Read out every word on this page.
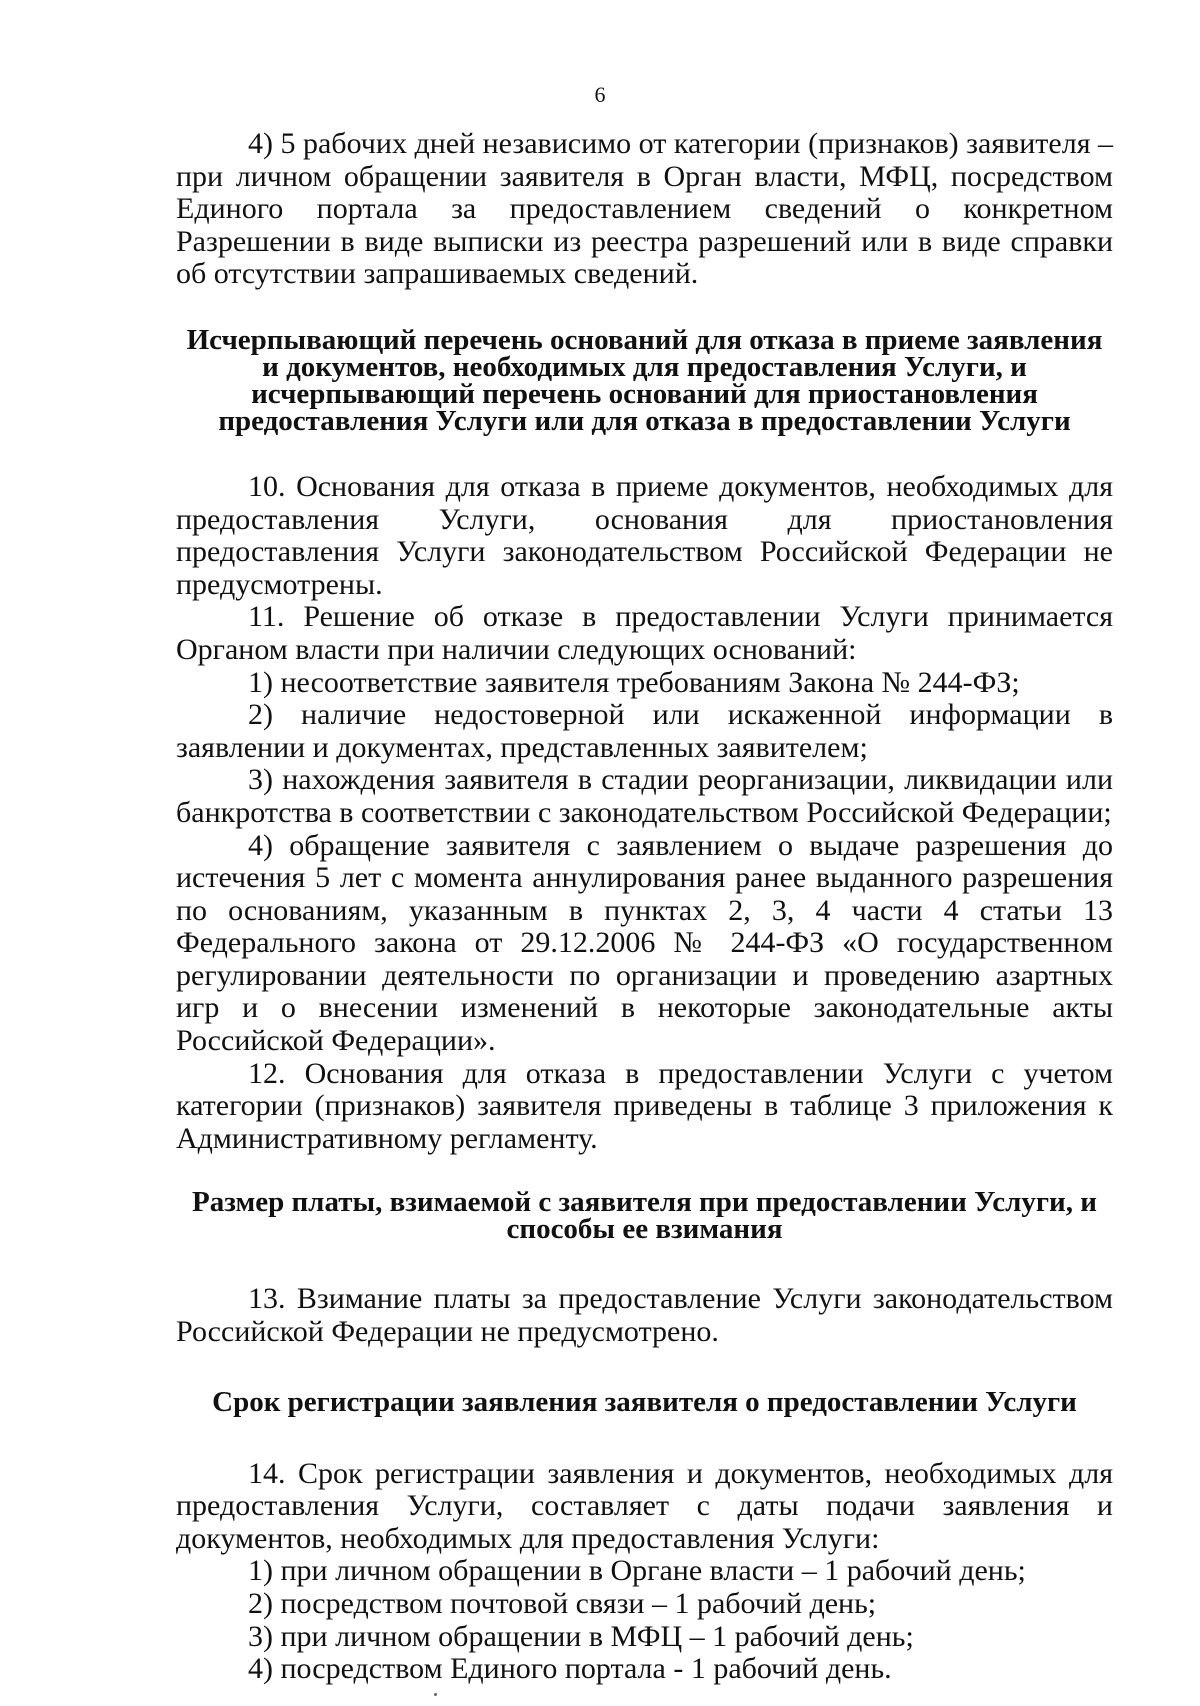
6

4) 5 рабочих дней независимо от категории (признаков) заявителя – при личном обращении заявителя в Орган власти, МФЦ, посредством Единого портала за предоставлением сведений о конкретном Разрешении в виде выписки из реестра разрешений или в виде справки об отсутствии запрашиваемых сведений.

Исчерпывающий перечень оснований для отказа в приеме заявления и документов, необходимых для предоставления Услуги, и исчерпывающий перечень оснований для приостановления предоставления Услуги или для отказа в предоставлении Услуги

10. Основания для отказа в приеме документов, необходимых для предоставления Услуги, основания для приостановления предоставления Услуги законодательством Российской Федерации не предусмотрены.

11. Решение об отказе в предоставлении Услуги принимается Органом власти при наличии следующих оснований:

1) несоответствие заявителя требованиям Закона № 244-ФЗ;

2) наличие недостоверной или искаженной информации в заявлении и документах, представленных заявителем;

3) нахождения заявителя в стадии реорганизации, ликвидации или банкротства в соответствии с законодательством Российской Федерации;

4) обращение заявителя с заявлением о выдаче разрешения до истечения 5 лет с момента аннулирования ранее выданного разрешения по основаниям, указанным в пунктах 2, 3, 4 части 4 статьи 13 Федерального закона от 29.12.2006 № 244-ФЗ «О государственном регулировании деятельности по организации и проведению азартных игр и о внесении изменений в некоторые законодательные акты Российской Федерации».

12. Основания для отказа в предоставлении Услуги с учетом категории (признаков) заявителя приведены в таблице 3 приложения к Административному регламенту.

Размер платы, взимаемой с заявителя при предоставлении Услуги, и способы ее взимания

13. Взимание платы за предоставление Услуги законодательством Российской Федерации не предусмотрено.

Срок регистрации заявления заявителя о предоставлении Услуги

14. Срок регистрации заявления и документов, необходимых для предоставления Услуги, составляет с даты подачи заявления и документов, необходимых для предоставления Услуги:

1) при личном обращении в Органе власти – 1 рабочий день;

2) посредством почтовой связи – 1 рабочий день;

3) при личном обращении в МФЦ – 1 рабочий день;

4) посредством Единого портала - 1 рабочий день.
